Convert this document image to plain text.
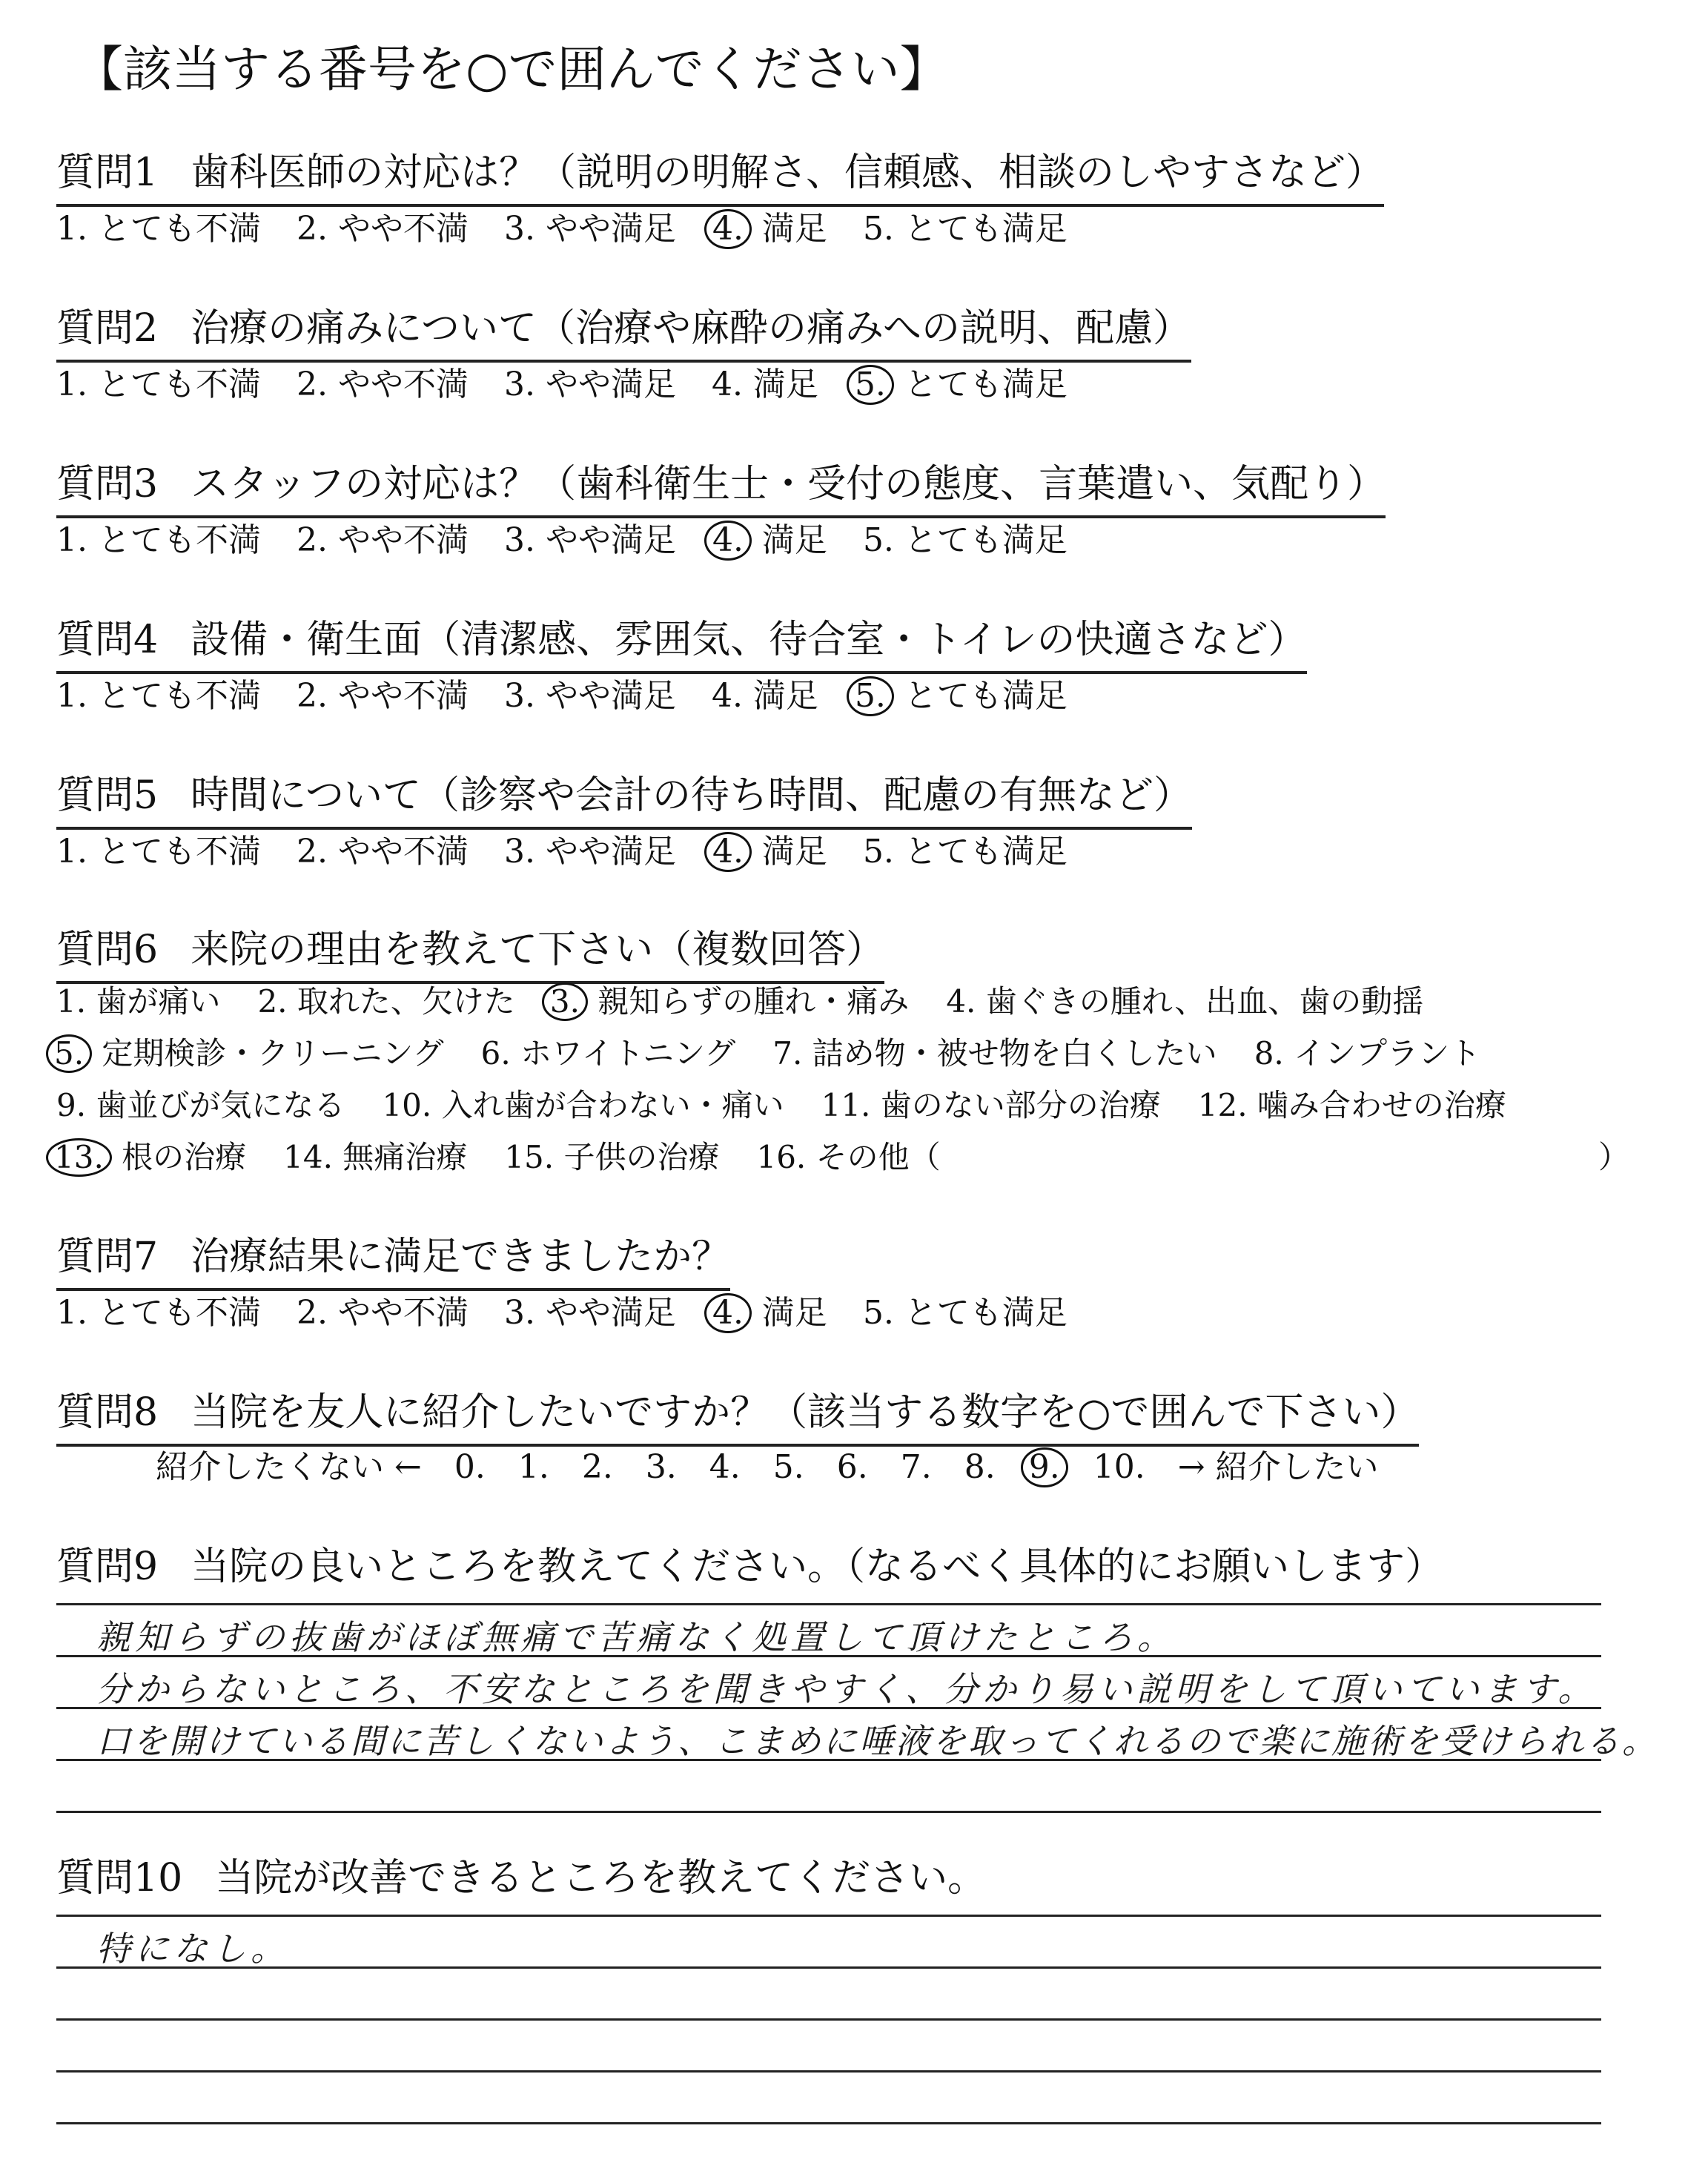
【該当する番号を○で囲んでください】
質問1 歯科医師の対応は？（説明の明解さ、信頼感、相談のしやすさなど）
1. とても不満 2. やや不満 3. やや満足 4. 満足 5. とても満足
質問2 治療の痛みについて（治療や麻酔の痛みへの説明、配慮）
1. とても不満 2. やや不満 3. やや満足 4. 満足 5. とても満足
質問3 スタッフの対応は？（歯科衛生士・受付の態度、言葉遣い、気配り）
1. とても不満 2. やや不満 3. やや満足 4. 満足 5. とても満足
質問4 設備・衛生面（清潔感、雰囲気、待合室・トイレの快適さなど）
1. とても不満 2. やや不満 3. やや満足 4. 満足 5. とても満足
質問5 時間について（診察や会計の待ち時間、配慮の有無など）
1. とても不満 2. やや不満 3. やや満足 4. 満足 5. とても満足
質問6 来院の理由を教えて下さい（複数回答）
1. 歯が痛い 2. 取れた、欠けた 3. 親知らずの腫れ・痛み 4. 歯ぐきの腫れ、出血、歯の動揺
5. 定期検診・クリーニング 6. ホワイトニング 7. 詰め物・被せ物を白くしたい 8. インプラント
9. 歯並びが気になる 10. 入れ歯が合わない・痛い 11. 歯のない部分の治療 12. 噛み合わせの治療
13. 根の治療 14. 無痛治療 15. 子供の治療 16. その他（	）
質問7 治療結果に満足できましたか？
1. とても不満 2. やや不満 3. やや満足 4. 満足 5. とても満足
質問8 当院を友人に紹介したいですか？（該当する数字を○で囲んで下さい）
紹介したくない ← 0. 1. 2. 3. 4. 5. 6. 7. 8. 9. 10. → 紹介したい
質問9 当院の良いところを教えてください。（なるべく具体的にお願いします）
親知らずの抜歯がほぼ無痛で苦痛なく処置して頂けたところ。
分からないところ、不安なところを聞きやすく、分かり易い説明をして頂いています。
口を開けている間に苦しくないよう、こまめに唾液を取ってくれるので楽に施術を受けられる。
質問10 当院が改善できるところを教えてください。
特になし。
